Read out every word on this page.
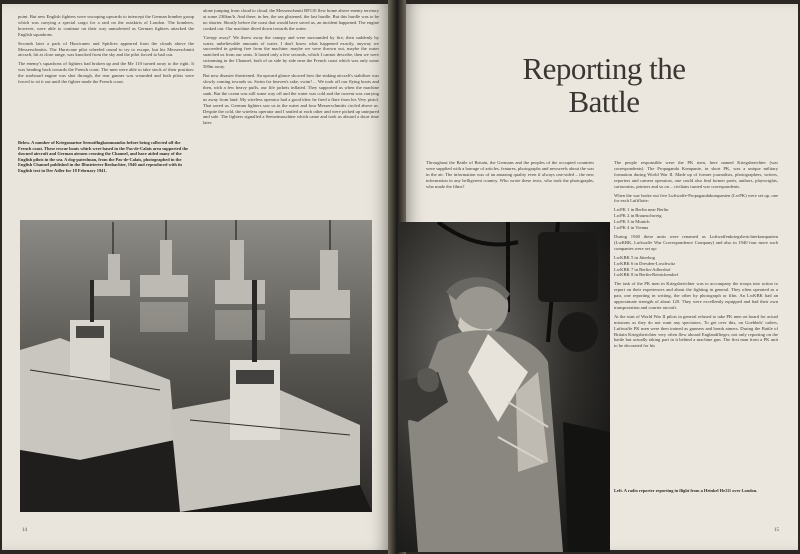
point. But new English fighters were swooping upwards to intercept the German bomber group which was carrying a special cargo for a raid on the outskirts of London. The bombers, however, were able to continue on their way unmolested as German fighters attacked the English squadrons.

Seconds later a pack of Hurricanes and Spitfires appeared from the clouds above the Messerschmitts. The Hurricane pilot wheeled round to try to escape, but his Messerschmitt aircraft, hit at close range, was knocked from the sky and the pilot forced to bail out.

The enemy's squadrons of fighters had broken up and the Me 110 turned away to the right. It was heading back towards the French coast. The men were able to take stock of their position: the starboard engine was shot through, the rear gunner was wounded and both pilots were forced to sit it out until the fighter made the French coast.

Below. A number of Kriegsmarine Seenotflugkommandos before being collected off the French coast. These rescue boats which were based in the Pas-de-Calais area supported the downed aircraft and German airmen crossing the Channel, and have aided many of the English pilots in the sea. A dog-patrolman, from the Pas-de-Calais, photographed in the English Channel published in the Illustrierter Beobachter, 1940 and reproduced with its English text in Der Adler for 18 February 1941.

alone jumping from cloud to cloud, the Messerschmitt BF110 flew home above enemy territory at some 230km/h. And there, in her, the sea glistened, the last hurdle. But this hurdle was to be no shorter. Shortly before the coast that would have saved us, an incident happened. The engine conked out. Our machine dived down towards the water.

'Creepy away!' We threw away the canopy and were surrounded by fire, then suddenly by water, unbelievable amounts of water. I don't know what happened exactly, anyway we succeeded in getting free from the machine; maybe we were thrown out, maybe the water snatched us from our seats. It lasted only a few seconds, which I cannot describe, then we were swimming in the Channel, both of us side by side near the French coast which was only some 500m away.

But now disaster threatened. An upward glance showed how the sinking aircraft's stabiliser was slowly coming towards us. Swim for heaven's sake, swim! ... We took off our flying boots and then, with a few heavy puffs, our life jackets inflated. They supported us when the machine sank. But the ocean was still some way off and the water was cold and the current was carrying us away from land. My wireless operator had a good idea: he fired a flare from his Very pistol. That saved us. German fighters saw us in the water and four Messerschmitts circled above us. Despite the cold, the wireless operator and I smiled at each other and were picked up uninjured and safe. The fighters signalled a Seenotmaschine which came and took us aboard a short time later.

14
Reporting the Battle
Throughout the Battle of Britain, the Germans and the peoples of the occupied countries were supplied with a barrage of articles, features, photographs and newsreels about the war in the air. The information was of an amazing quality even if always one-sided – the new information in any belligerent country. Who wrote these texts, who took the photographs, who made the films?

The people responsible were the PK men, here named Kriegsberichter (war correspondents). The Propaganda Kompanie, in short PK, was a unique military formation during World War II. Made up of former journalists, photographers, writers, reporters and camera operators, one could also find former poets, authors, playwrights, cartoonists, printers and so on – civilians turned war correspondents.

When the war broke out five Luftwaffe-Propagandakompanien (LwPK) were set up, one for each Luftflotte:

LwPK 1 in Berlin near Berlin
LwPK 2 in Braunschweig
LwPK 3 in Munich
LwPK 4 in Vienna

During 1940 these units were renamed as Luftwaffenkriegsberichterkompanien (LwKBK, Luftwaffe War Correspondence Company) and also in 1940 four more such companies were set up:

LwKBK 5 in Jüterbog
LwKBK 6 in Dresden-Loschwitz
LwKBK 7 in Berlin-Adlershof
LwKBK 8 in Berlin-Reinickendorf

The task of the PK men in Kriegsberichter was to accompany the troops into action to report on their experiences and about the fighting in general. They often operated as a pair, one reporting in writing, the other by photograph or film. An LwKBK had an approximate strength of about 120. They were excellently equipped and had their own transportation and courier aircraft.

At the start of World War II pilots in general refused to take PK men on board for actual missions as they do not want any spectators. To get over this, on Goebbels' orders, Luftwaffe PK men were then trained as gunners and bomb aimers. During the Battle of Britain Kriegsberichter very often flew aboard Englandflieger, not only reporting on the battle but actually taking part in it behind a machine gun. The first man from a PK unit to be decorated for his

Left. A radio reporter reporting in flight from a Heinkel He111 over London.
15
